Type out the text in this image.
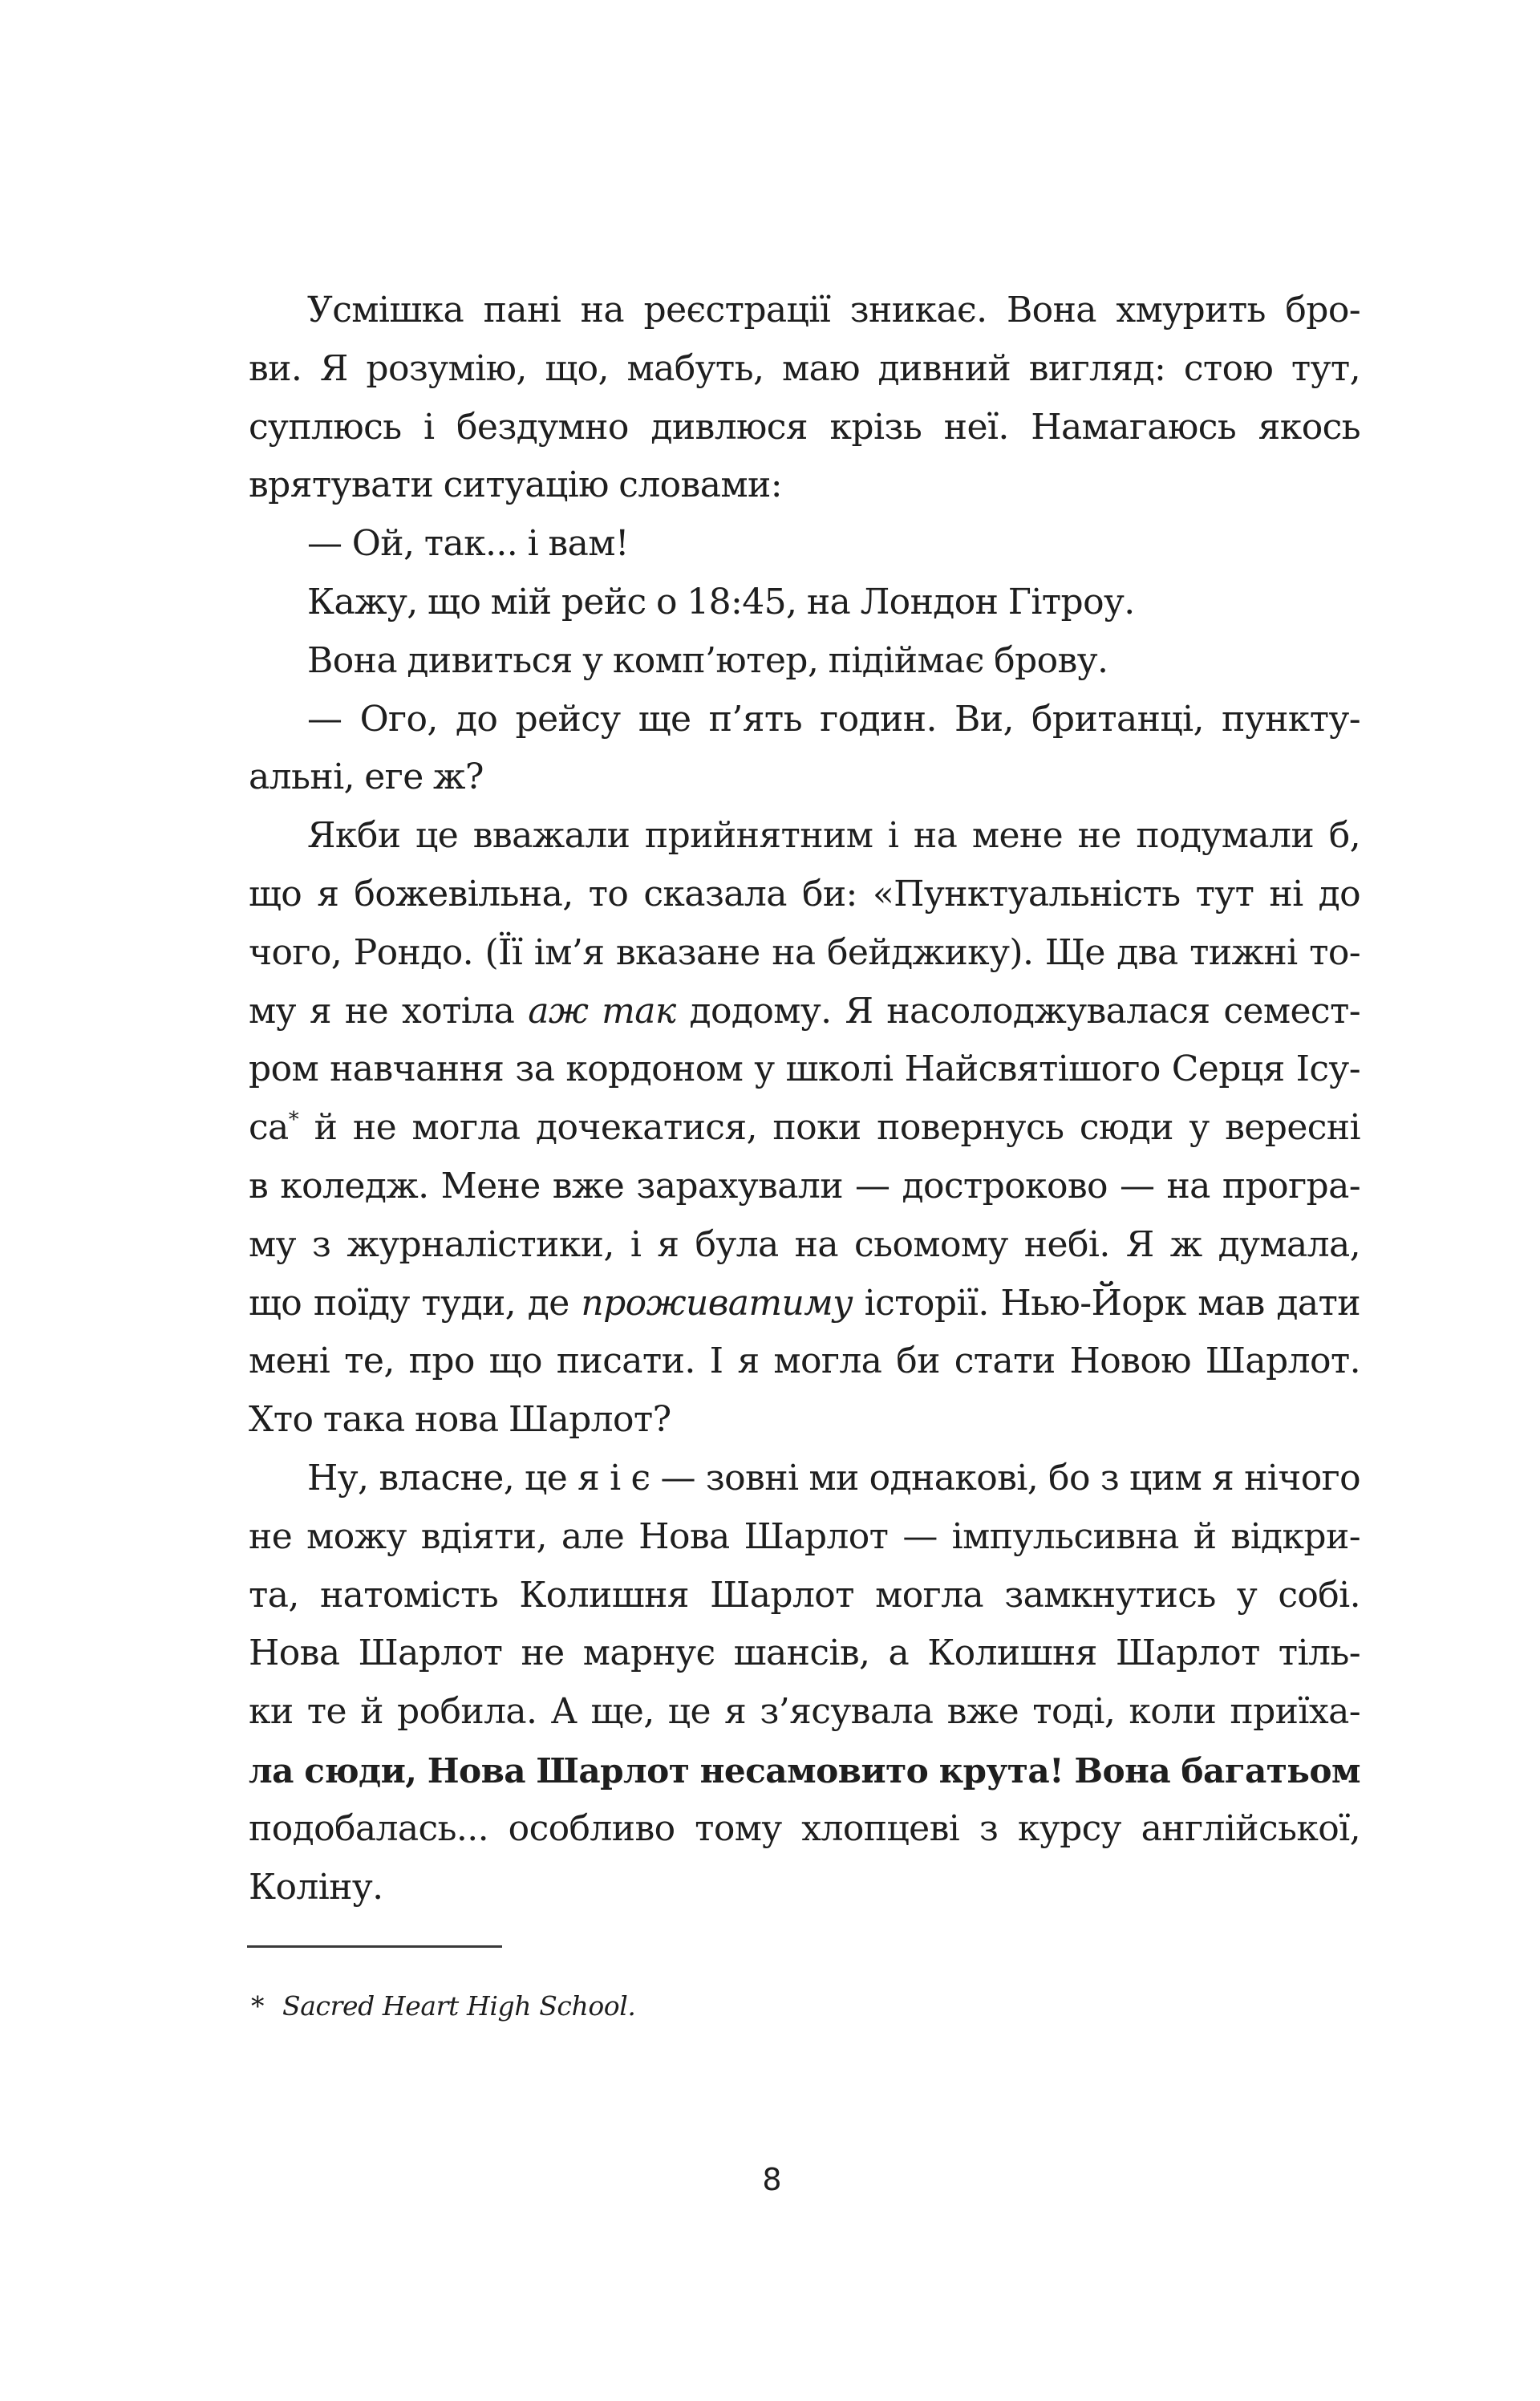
Усмішка пані на реєстрації зникає. Вона хмурить бро-
ви. Я розумію, що, мабуть, маю дивний вигляд: стою тут,
суплюсь і бездумно дивлюся крізь неї. Намагаюсь якось
врятувати ситуацію словами:
— Ой, так... і вам!
Кажу, що мій рейс о 18:45, на Лондон Гітроу.
Вона дивиться у комп’ютер, підіймає брову.
— Ого, до рейсу ще п’ять годин. Ви, британці, пункту-
альні, еге ж?
Якби це вважали прийнятним і на мене не подумали б,
що я божевільна, то сказала би: «Пунктуальність тут ні до
чого, Рондо. (Її ім’я вказане на бейджику). Ще два тижні то-
му я не хотіла аж так додому. Я насолоджувалася семест-
ром навчання за кордоном у школі Найсвятішого Серця Ісу-
са* й не могла дочекатися, поки повернусь сюди у вересні
в коледж. Мене вже зарахували — достроково — на програ-
му з журналістики, і я була на сьомому небі. Я ж думала,
що поїду туди, де проживатиму історії. Нью-Йорк мав дати
мені те, про що писати. І я могла би стати Новою Шарлот.
Хто така нова Шарлот?
Ну, власне, це я і є — зовні ми однакові, бо з цим я нічого
не можу вдіяти, але Нова Шарлот — імпульсивна й відкри-
та, натомість Колишня Шарлот могла замкнутись у собі.
Нова Шарлот не марнує шансів, а Колишня Шарлот тіль-
ки те й робила. А ще, це я з’ясувала вже тоді, коли приїха-
ла сюди, Нова Шарлот несамовито крута! Вона багатьом
подобалась... особливо тому хлопцеві з курсу англійської,
Коліну.
* Sacred Heart High School.
8
